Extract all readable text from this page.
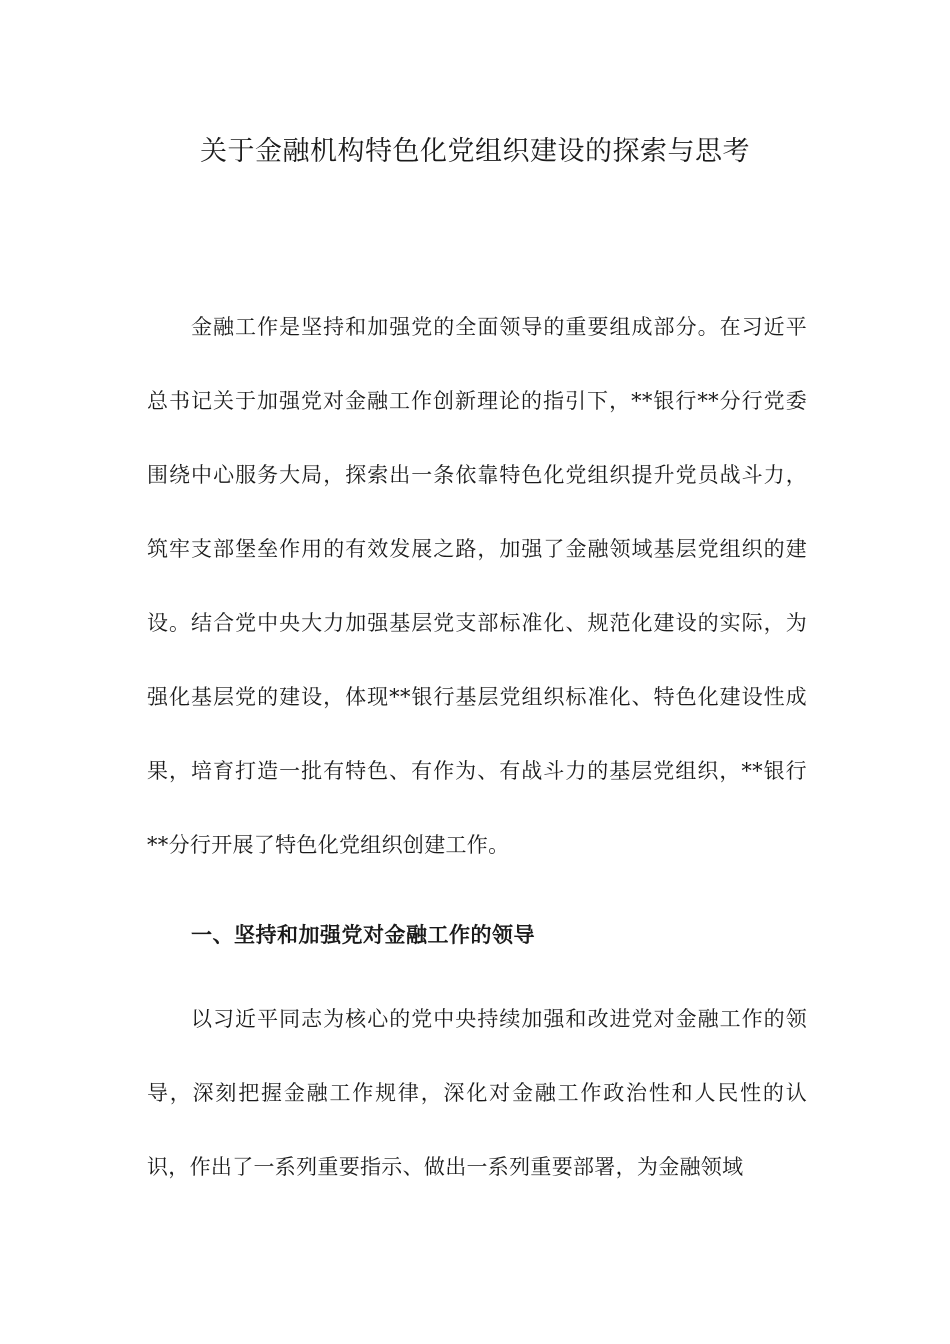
关于金融机构特色化党组织建设的探索与思考

金融工作是坚持和加强党的全面领导的重要组成部分。在习近平总书记关于加强党对金融工作创新理论的指引下，**银行**分行党委围绕中心服务大局，探索出一条依靠特色化党组织提升党员战斗力，筑牢支部堡垒作用的有效发展之路，加强了金融领域基层党组织的建设。结合党中央大力加强基层党支部标准化、规范化建设的实际，为强化基层党的建设，体现**银行基层党组织标准化、特色化建设性成果，培育打造一批有特色、有作为、有战斗力的基层党组织，**银行**分行开展了特色化党组织创建工作。

一、坚持和加强党对金融工作的领导

以习近平同志为核心的党中央持续加强和改进党对金融工作的领导，深刻把握金融工作规律，深化对金融工作政治性和人民性的认识，作出了一系列重要指示、做出一系列重要部署，为金融领域
